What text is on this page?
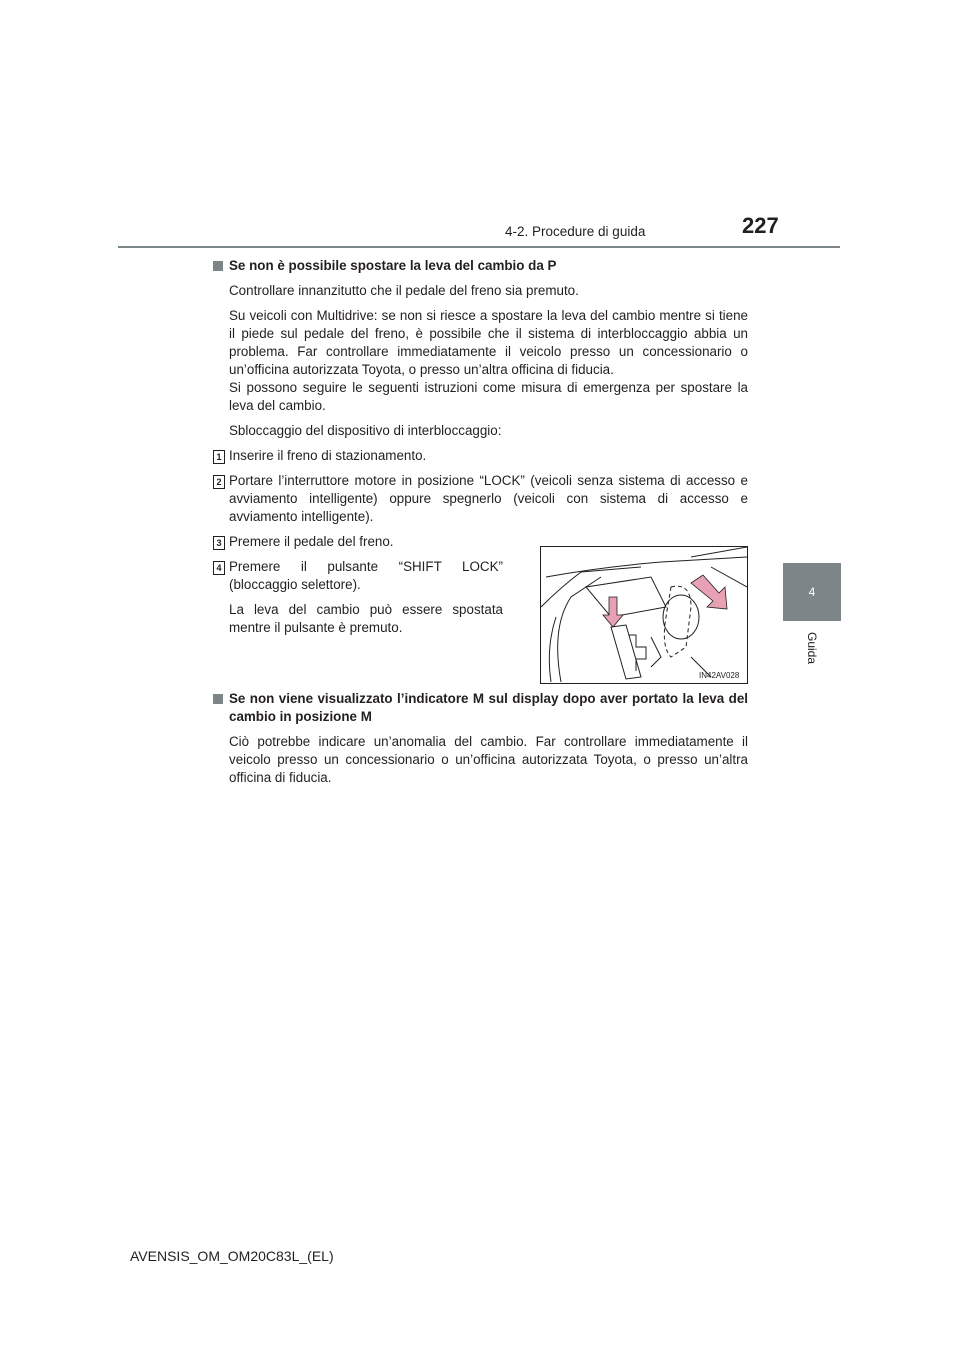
4-2. Procedure di guida	227
4
Guida
Se non è possibile spostare la leva del cambio da P
Controllare innanzitutto che il pedale del freno sia premuto.
Su veicoli con Multidrive: se non si riesce a spostare la leva del cambio mentre si tiene il piede sul pedale del freno, è possibile che il sistema di interbloccaggio abbia un problema. Far controllare immediatamente il veicolo presso un concessionario o un’officina autorizzata Toyota, o presso un’altra officina di fiducia.
Si possono seguire le seguenti istruzioni come misura di emergenza per spostare la leva del cambio.
Sbloccaggio del dispositivo di interbloccaggio:
1 Inserire il freno di stazionamento.
2 Portare l’interruttore motore in posizione “LOCK” (veicoli senza sistema di accesso e avviamento intelligente) oppure spegnerlo (veicoli con sistema di accesso e avviamento intelligente).
3 Premere il pedale del freno.
4 Premere il pulsante “SHIFT LOCK” (bloccaggio selettore).
La leva del cambio può essere spostata mentre il pulsante è premuto.
IN42AV028
Se non viene visualizzato l’indicatore M sul display dopo aver portato la leva del cambio in posizione M
Ciò potrebbe indicare un’anomalia del cambio. Far controllare immediatamente il veicolo presso un concessionario o un’officina autorizzata Toyota, o presso un’altra officina di fiducia.
AVENSIS_OM_OM20C83L_(EL)
